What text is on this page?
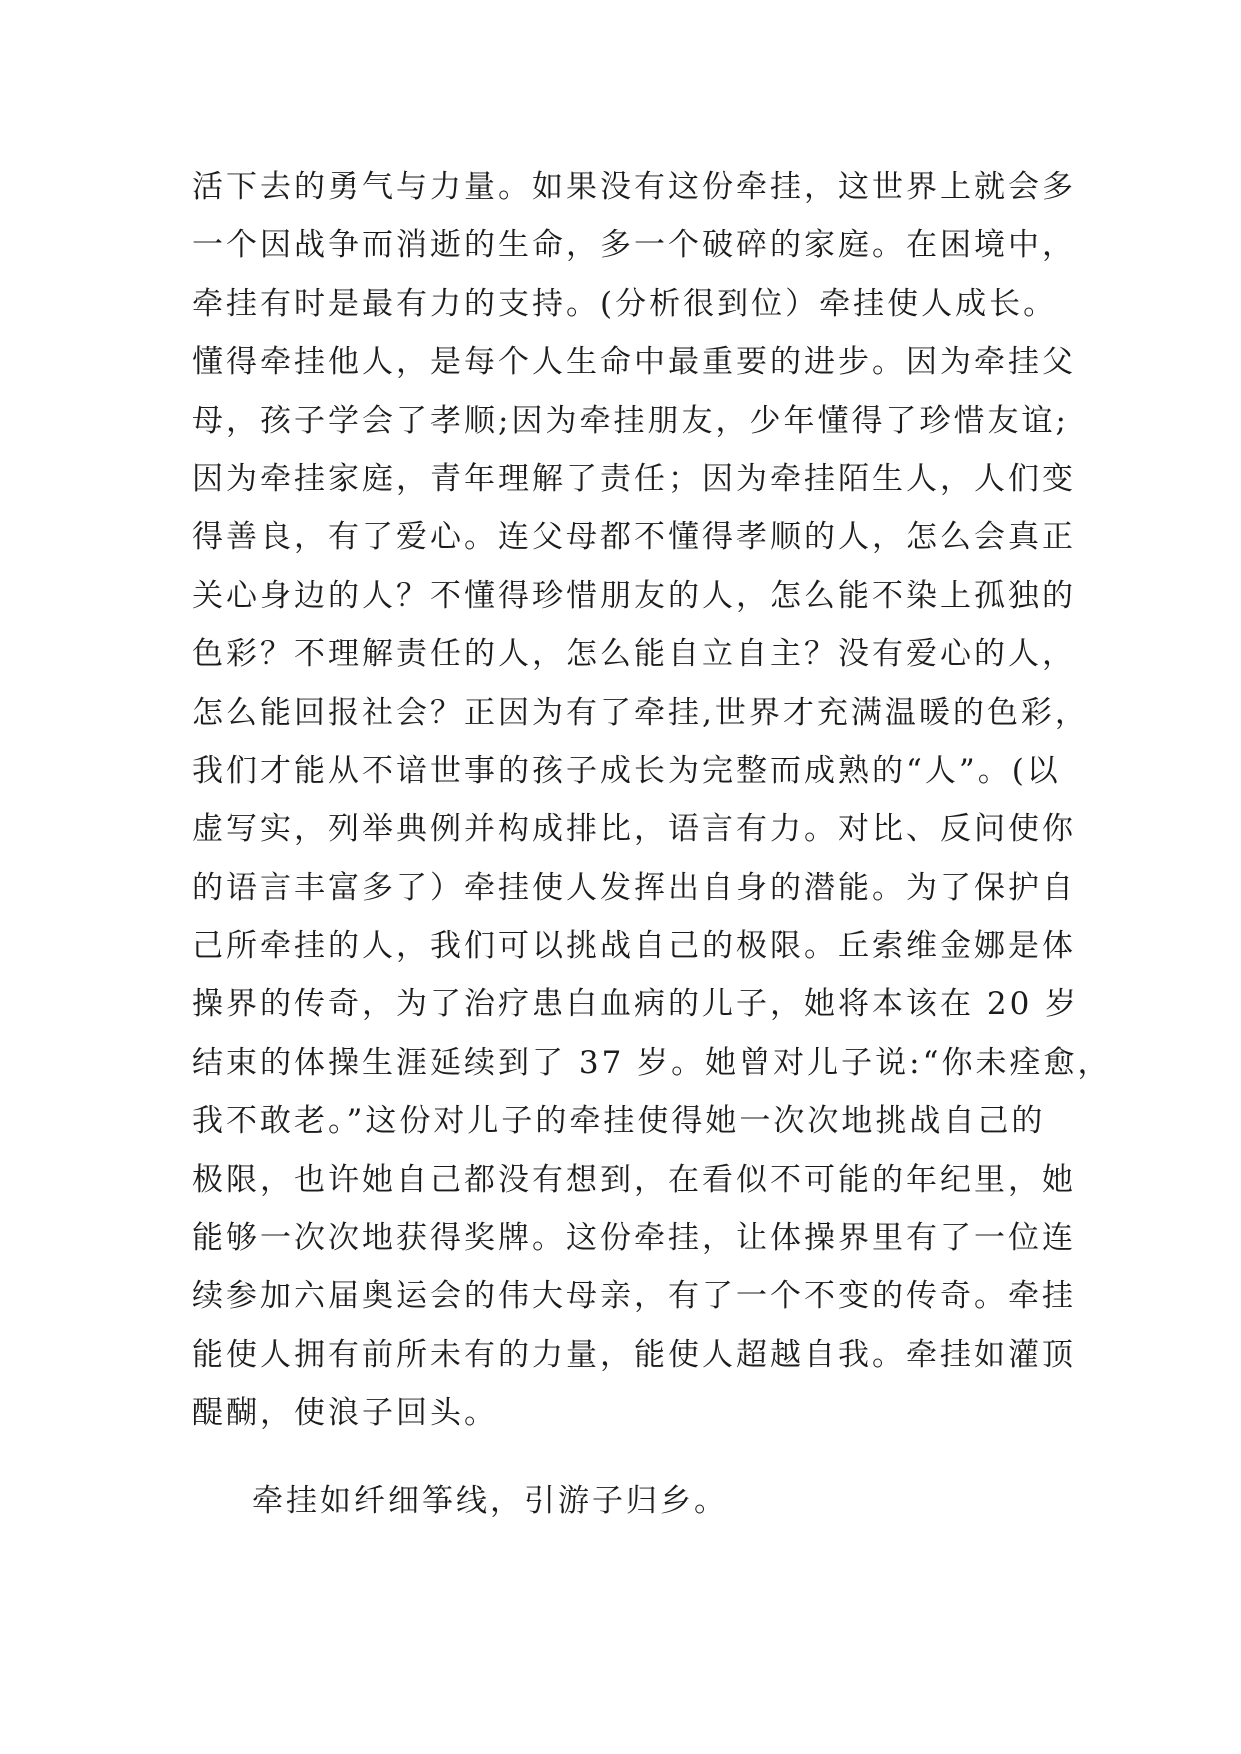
活下去的勇气与力量。如果没有这份牵挂，这世界上就会多
一个因战争而消逝的生命，多一个破碎的家庭。在困境中，
牵挂有时是最有力的支持。(分析很到位）牵挂使人成长。
懂得牵挂他人，是每个人生命中最重要的进步。因为牵挂父
母，孩子学会了孝顺;因为牵挂朋友，少年懂得了珍惜友谊;
因为牵挂家庭，青年理解了责任；因为牵挂陌生人，人们变
得善良，有了爱心。连父母都不懂得孝顺的人，怎么会真正
关心身边的人？不懂得珍惜朋友的人，怎么能不染上孤独的
色彩？不理解责任的人，怎么能自立自主？没有爱心的人，
怎么能回报社会？正因为有了牵挂,世界才充满温暖的色彩，
我们才能从不谙世事的孩子成长为完整而成熟的“人”。(以
虚写实，列举典例并构成排比，语言有力。对比、反问使你
的语言丰富多了）牵挂使人发挥出自身的潜能。为了保护自
己所牵挂的人，我们可以挑战自己的极限。丘索维金娜是体
操界的传奇，为了治疗患白血病的儿子，她将本该在 20 岁
结束的体操生涯延续到了 37 岁。她曾对儿子说:“你未痊愈，
我不敢老。”这份对儿子的牵挂使得她一次次地挑战自己的
极限，也许她自己都没有想到，在看似不可能的年纪里，她
能够一次次地获得奖牌。这份牵挂，让体操界里有了一位连
续参加六届奥运会的伟大母亲，有了一个不变的传奇。牵挂
能使人拥有前所未有的力量，能使人超越自我。牵挂如灌顶
醍醐，使浪子回头。
牵挂如纤细筝线，引游子归乡。
